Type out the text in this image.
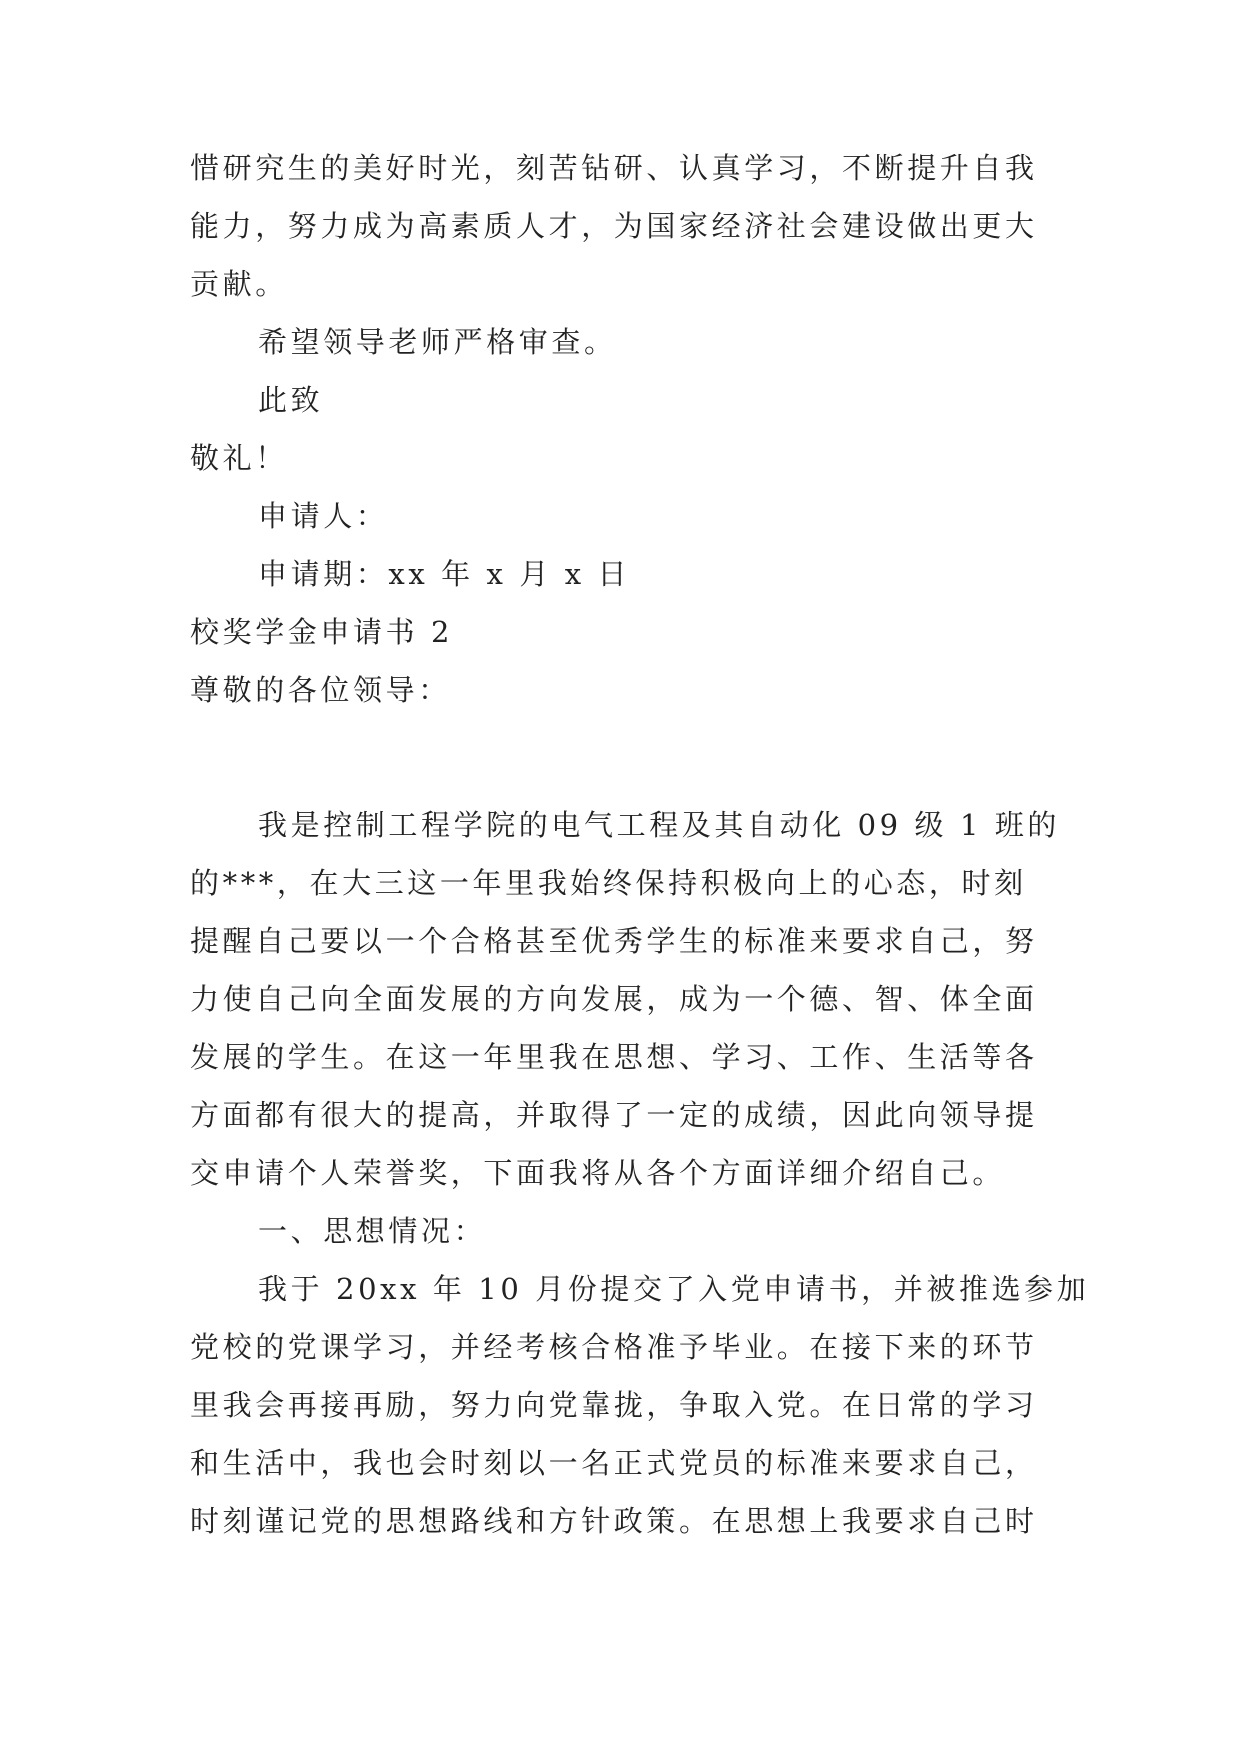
惜研究生的美好时光，刻苦钻研、认真学习，不断提升自我
能力，努力成为高素质人才，为国家经济社会建设做出更大
贡献。
希望领导老师严格审查。
此致
敬礼！
申请人：
申请期：xx 年 x 月 x 日
校奖学金申请书 2
尊敬的各位领导：
我是控制工程学院的电气工程及其自动化 09 级 1 班的
的***，在大三这一年里我始终保持积极向上的心态，时刻
提醒自己要以一个合格甚至优秀学生的标准来要求自己，努
力使自己向全面发展的方向发展，成为一个德、智、体全面
发展的学生。在这一年里我在思想、学习、工作、生活等各
方面都有很大的提高，并取得了一定的成绩，因此向领导提
交申请个人荣誉奖，下面我将从各个方面详细介绍自己。
一、思想情况：
我于 20xx 年 10 月份提交了入党申请书，并被推选参加
党校的党课学习，并经考核合格准予毕业。在接下来的环节
里我会再接再励，努力向党靠拢，争取入党。在日常的学习
和生活中，我也会时刻以一名正式党员的标准来要求自己，
时刻谨记党的思想路线和方针政策。在思想上我要求自己时
